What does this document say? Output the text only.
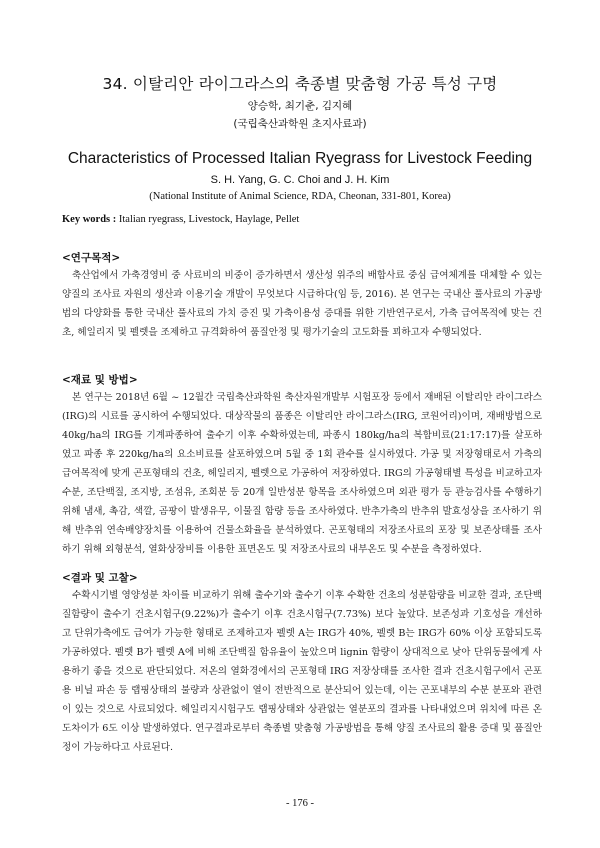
34. 이탈리안 라이그라스의 축종별 맞춤형 가공 특성 구명
양승학, 최기춘, 김지혜
(국립축산과학원 초지사료과)
Characteristics of Processed Italian Ryegrass for Livestock Feeding
S. H. Yang, G. C. Choi and J. H. Kim
(National Institute of Animal Science, RDA, Cheonan, 331-801, Korea)
Key words : Italian ryegrass, Livestock, Haylage, Pellet
<연구목적>
축산업에서 가축경영비 중 사료비의 비중이 증가하면서 생산성 위주의 배합사료 중심 급여체계를 대체할 수 있는 양질의 조사료 자원의 생산과 이용기술 개발이 무엇보다 시급하다(임 등, 2016). 본 연구는 국내산 풀사료의 가공방법의 다양화를 통한 국내산 풀사료의 가치 증진 및 가축이용성 증대를 위한 기반연구로서, 가축 급여목적에 맞는 건초, 헤일리지 및 펠렛을 조제하고 규격화하여 품질안정 및 평가기술의 고도화를 꾀하고자 수행되었다.
<재료 및 방법>
본 연구는 2018년 6월 ~ 12월간 국립축산과학원 축산자원개발부 시험포장 등에서 재배된 이탈리안 라이그라스(IRG)의 시료를 공시하여 수행되었다. 대상작물의 품종은 이탈리안 라이그라스(IRG, 코원어리)이며, 재배방법으로 40kg/ha의 IRG를 기계파종하여 출수기 이후 수확하였는데, 파종시 180kg/ha의 복합비료(21:17:17)를 살포하였고 파종 후 220kg/ha의 요소비료를 살포하였으며 5월 중 1회 관수를 실시하였다. 가공 및 저장형태로서 가축의 급여목적에 맞게 곤포형태의 건초, 헤일리지, 펠렛으로 가공하여 저장하였다. IRG의 가공형태별 특성을 비교하고자 수분, 조단백질, 조지방, 조섬유, 조회분 등 20개 일반성분 항목을 조사하였으며 외관 평가 등 관능검사를 수행하기 위해 냄새, 촉감, 색깔, 곰팡이 발생유무, 이물질 함량 등을 조사하였다. 반추가축의 반추위 발효성상을 조사하기 위해 반추위 연속배양장치를 이용하여 건물소화율을 분석하였다. 곤포형태의 저장조사료의 포장 및 보존상태를 조사하기 위해 외형분석, 열화상장비를 이용한 표면온도 및 저장조사료의 내부온도 및 수분을 측정하였다.
<결과 및 고찰>
수확시기별 영양성분 차이를 비교하기 위해 출수기와 출수기 이후 수확한 건초의 성분함량을 비교한 결과, 조단백질함량이 출수기 건초시험구(9.22%)가 출수기 이후 건초시험구(7.73%) 보다 높았다. 보존성과 기호성을 개선하고 단위가축에도 급여가 가능한 형태로 조제하고자 펠렛 A는 IRG가 40%, 펠렛 B는 IRG가 60% 이상 포함되도록 가공하였다. 펠렛 B가 펠렛 A에 비해 조단백질 함유율이 높았으며 lignin 함량이 상대적으로 낮아 단위동물에게 사용하기 좋을 것으로 판단되었다. 저온의 열화경에서의 곤포형태 IRG 저장상태를 조사한 결과 건초시험구에서 곤포용 비닐 파손 등 랩핑상태의 불량과 상관없이 열이 전반적으로 분산되어 있는데, 이는 곤포내부의 수분 분포와 관련이 있는 것으로 사료되었다. 헤일리지시험구도 랩핑상태와 상관없는 열분포의 결과를 나타내었으며 위치에 따른 온도차이가 6도 이상 발생하였다. 연구결과로부터 축종별 맞춤형 가공방법을 통해 양질 조사료의 활용 증대 및 품질안정이 가능하다고 사료된다.
- 176 -
